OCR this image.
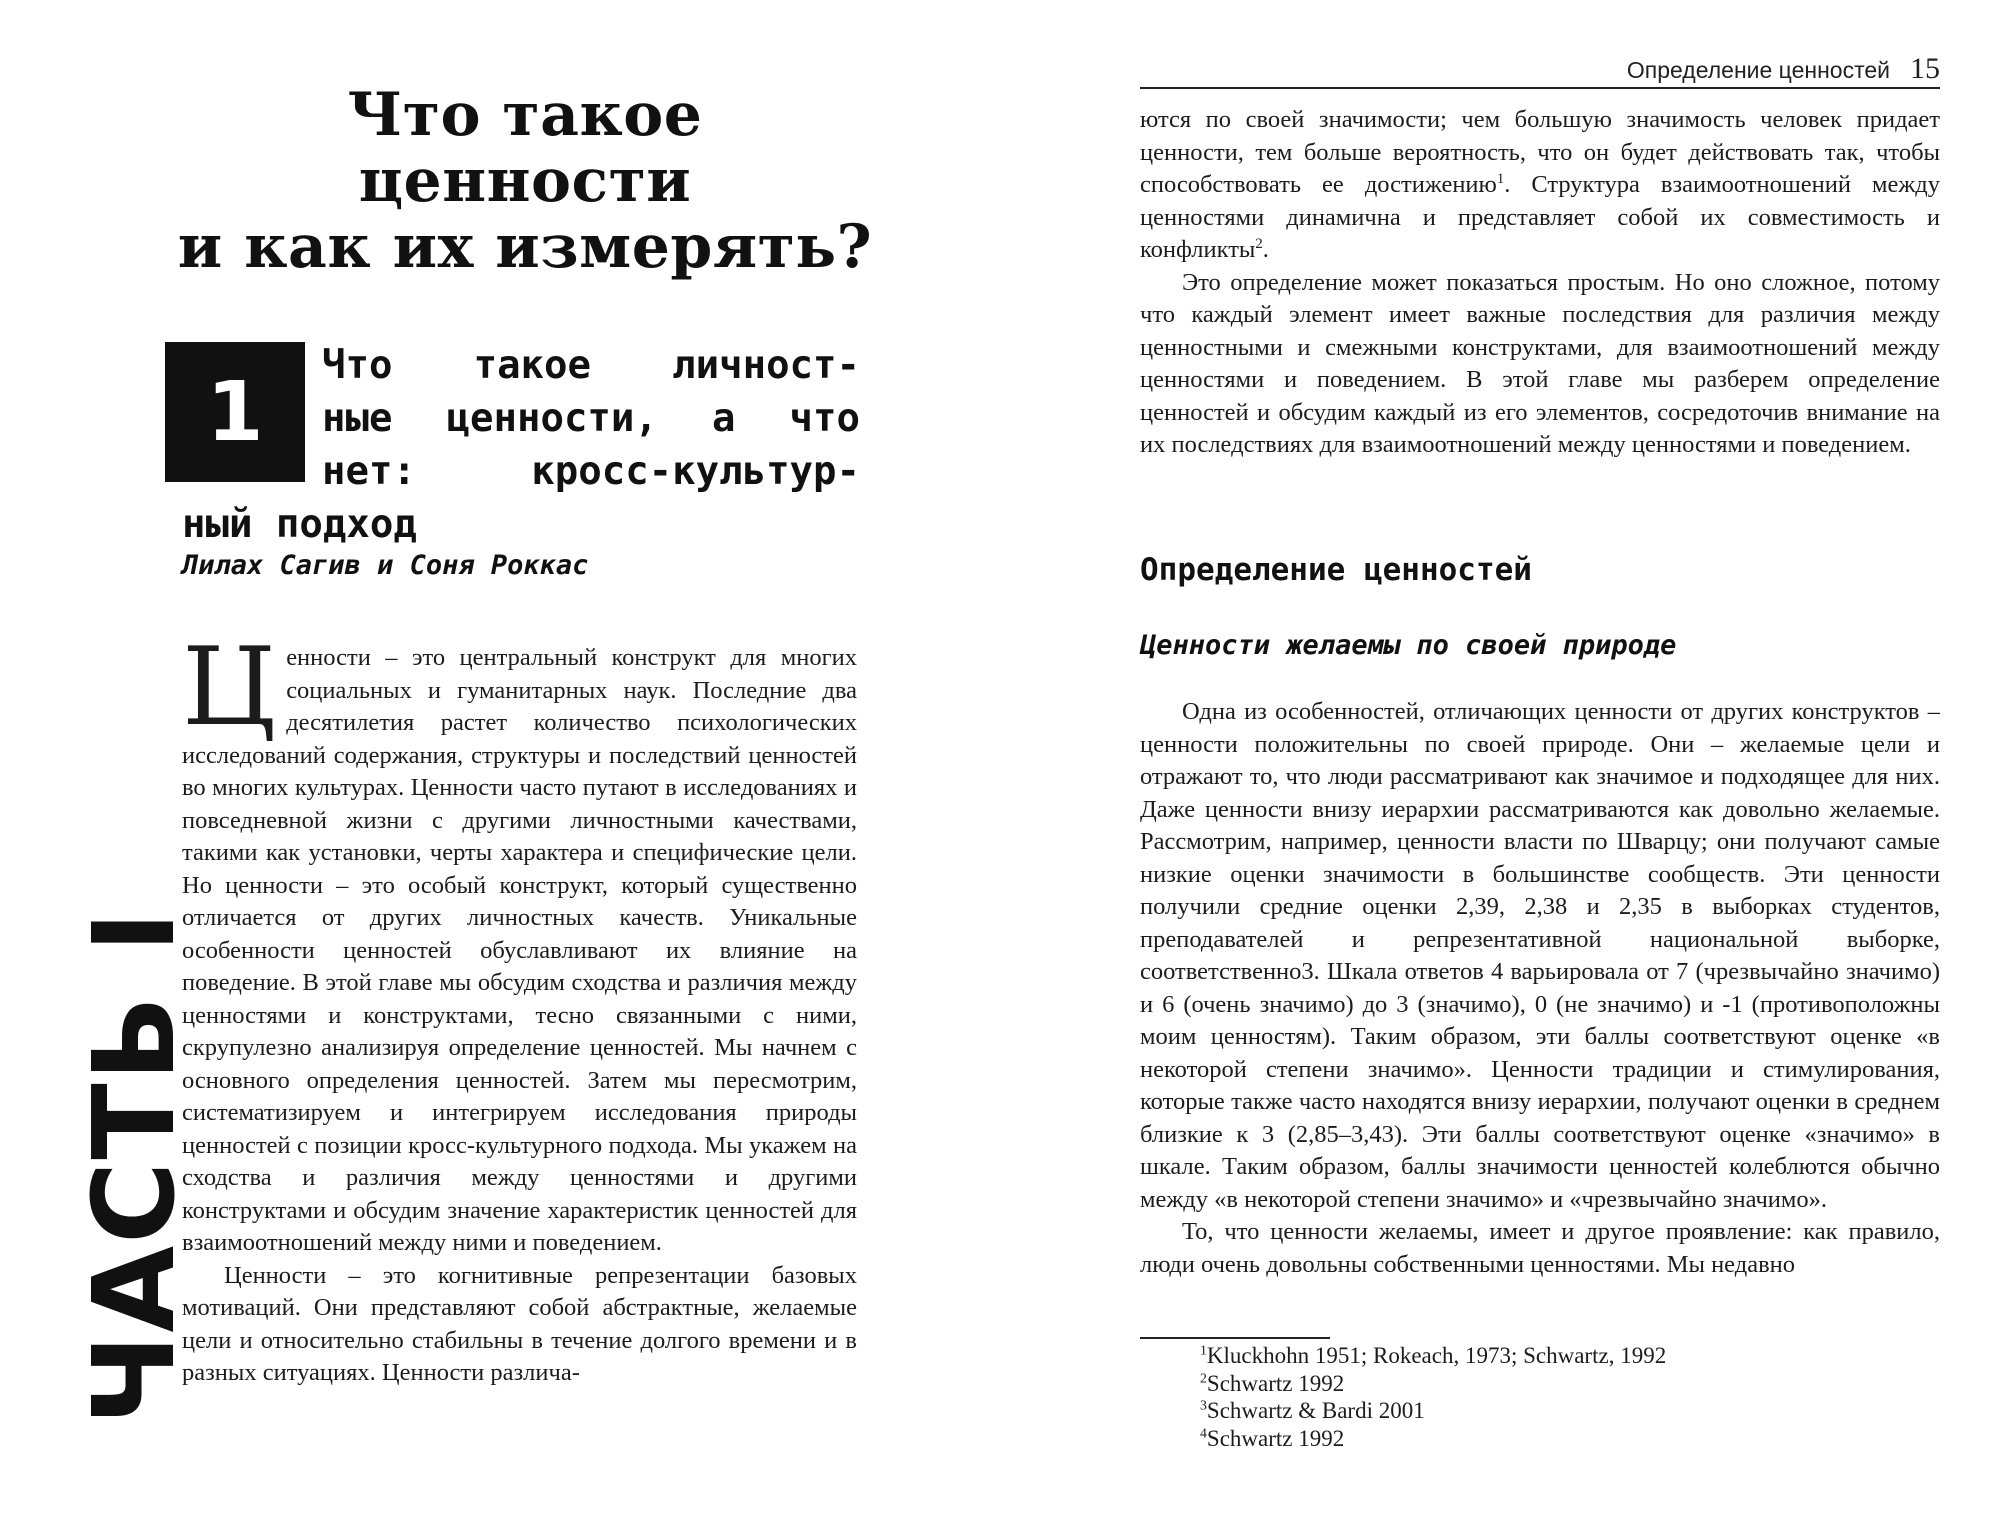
Что такое ценности
и как их измерять?
1 Что такое личност-
ные ценности, а что
нет: кросс-культур-
ный подход
Лилах Сагив и Соня Роккас

Ценности – это центральный конструкт для многих социальных и гуманитарных наук. Последние два десятилетия растет количество психологических исследований содержания, структуры и последствий ценностей во многих культурах. Ценности часто путают в исследованиях и повседневной жизни с другими личностными качествами, такими как установки, черты характера и специфические цели. Но ценности – это особый конструкт, который существенно отличается от других личностных качеств. Уникальные особенности ценностей обуславливают их влияние на поведение. В этой главе мы обсудим сходства и различия между ценностями и конструктами, тесно связанными с ними, скрупулезно анализируя определение ценностей. Мы начнем с основного определения ценностей. Затем мы пересмотрим, систематизируем и интегрируем исследования природы ценностей с позиции кросс-культурного подхода. Мы укажем на сходства и различия между ценностями и другими конструктами и обсудим значение характеристик ценностей для взаимоотношений между ними и поведением.

Ценности – это когнитивные репрезентации базовых мотиваций. Они представляют собой абстрактные, желаемые цели и относительно стабильны в течение долгого времени и в разных ситуациях. Ценности различа-

ЧАСТЬ I
Определение ценностей 15

ются по своей значимости; чем большую значимость человек придает ценности, тем больше вероятность, что он будет действовать так, чтобы способствовать ее достижению$^1$. Структура взаимоотношений между ценностями динамична и представляет собой их совместимость и конфликты$^2$.

Это определение может показаться простым. Но оно сложное, потому что каждый элемент имеет важные последствия для различия между ценностными и смежными конструктами, для взаимоотношений между ценностями и поведением. В этой главе мы разберем определение ценностей и обсудим каждый из его элементов, сосредоточив внимание на их последствиях для взаимоотношений между ценностями и поведением.

Определение ценностей
Ценности желаемы по своей природе

Одна из особенностей, отличающих ценности от других конструктов – ценности положительны по своей природе. Они – желаемые цели и отражают то, что люди рассматривают как значимое и подходящее для них. Даже ценности внизу иерархии рассматриваются как довольно желаемые. Рассмотрим, например, ценности власти по Шварцу; они получают самые низкие оценки значимости в большинстве сообществ. Эти ценности получили средние оценки 2,39, 2,38 и 2,35 в выборках студентов, преподавателей и репрезентативной национальной выборке, соответственно3. Шкала ответов 4 варьировала от 7 (чрезвычайно значимо) и 6 (очень значимо) до 3 (значимо), 0 (не значимо) и -1 (противоположны моим ценностям). Таким образом, эти баллы соответствуют оценке «в некоторой степени значимо». Ценности традиции и стимулирования, которые также часто находятся внизу иерархии, получают оценки в среднем близкие к 3 (2,85–3,43). Эти баллы соответствуют оценке «значимо» в шкале. Таким образом, баллы значимости ценностей колеблются обычно между «в некоторой степени значимо» и «чрезвычайно значимо».

То, что ценности желаемы, имеет и другое проявление: как правило, люди очень довольны собственными ценностями. Мы недавно

$^1$Kluckhohn 1951; Rokeach, 1973; Schwartz, 1992
$^2$Schwartz 1992
$^3$Schwartz & Bardi 2001
$^4$Schwartz 1992
